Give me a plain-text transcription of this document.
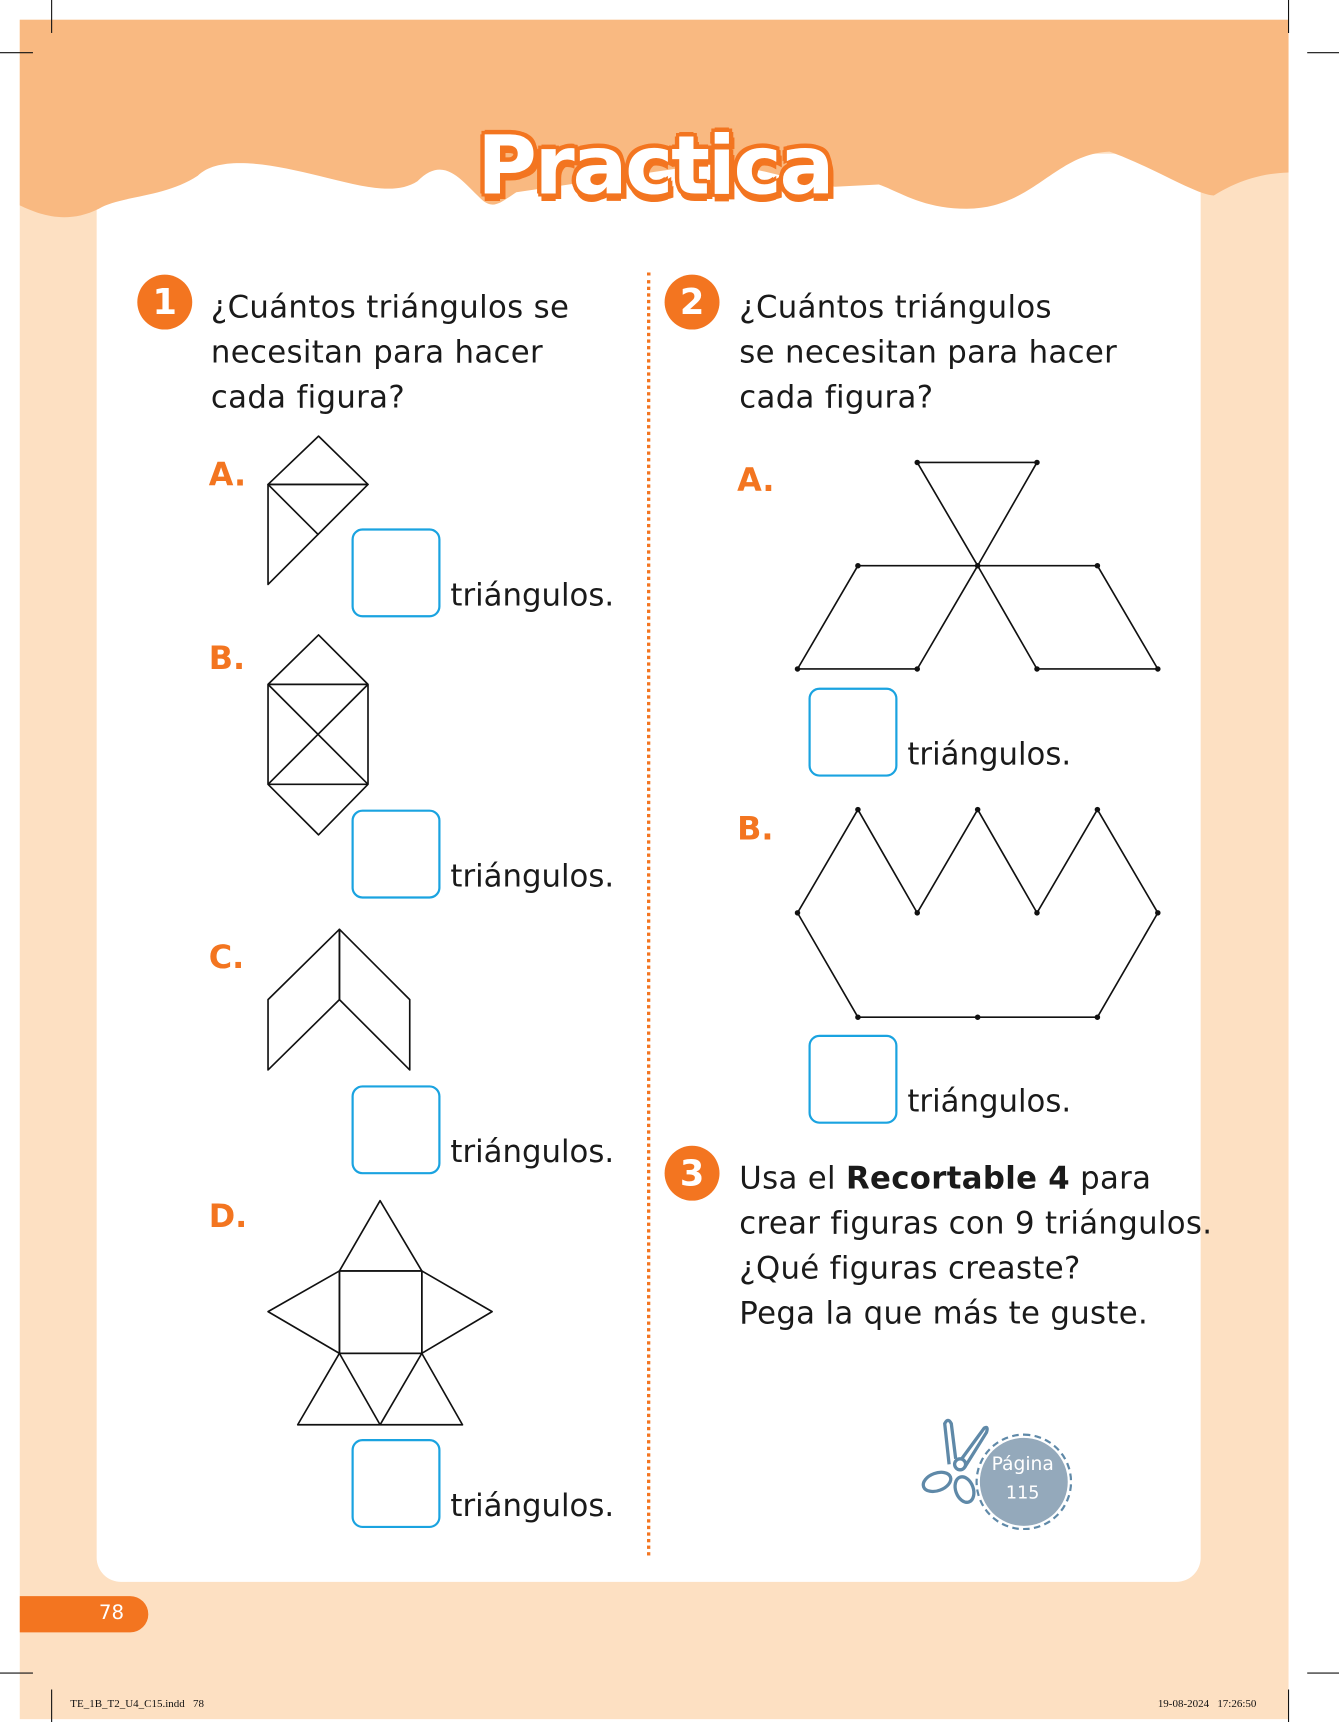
Practica
1	¿Cuántos triángulos se
necesitan para hacer
cada figura?
A.
B.
C.
D.
triángulos.
triángulos.
triángulos.
triángulos.
2	¿Cuántos triángulos
se necesitan para hacer
cada figura?
A.
B.
triángulos.
triángulos.
3	Usa el Recortable 4 para
crear figuras con 9 triángulos.
¿Qué figuras creaste?
Pega la que más te guste.
Página
115
78
TE_1B_T2_U4_C15.indd   78	19-08-2024   17:26:50
